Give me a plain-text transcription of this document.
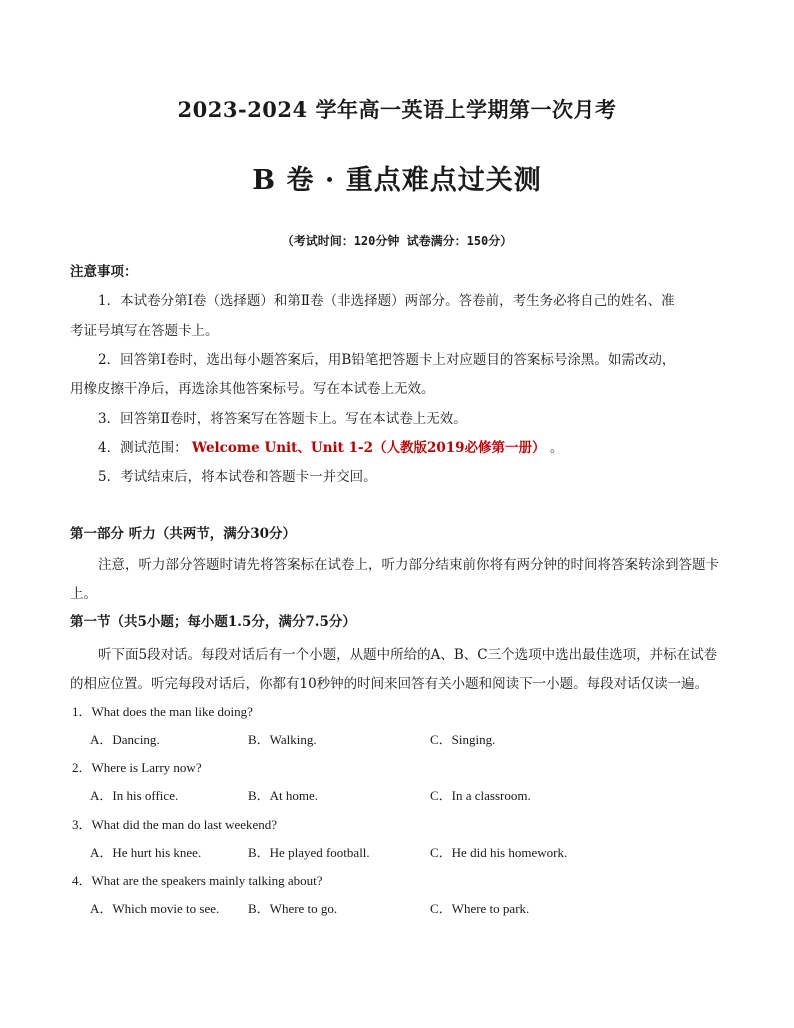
2023-2024 学年高一英语上学期第一次月考
B 卷 · 重点难点过关测
（考试时间：120分钟 试卷满分：150分）
注意事项：
1．本试卷分第Ⅰ卷（选择题）和第Ⅱ卷（非选择题）两部分。答卷前，考生务必将自己的姓名、准
考证号填写在答题卡上。
2．回答第Ⅰ卷时，选出每小题答案后，用B铅笔把答题卡上对应题目的答案标号涂黑。如需改动，
用橡皮擦干净后，再选涂其他答案标号。写在本试卷上无效。
3．回答第Ⅱ卷时，将答案写在答题卡上。写在本试卷上无效。
4．测试范围： Welcome Unit、Unit 1-2（人教版2019必修第一册） 。
5．考试结束后，将本试卷和答题卡一并交回。
第一部分 听力（共两节，满分30分）
注意，听力部分答题时请先将答案标在试卷上，听力部分结束前你将有两分钟的时间将答案转涂到答题卡
上。
第一节（共5小题；每小题1.5分，满分7.5分）
听下面5段对话。每段对话后有一个小题，从题中所给的A、B、C三个选项中选出最佳选项，并标在试卷
的相应位置。听完每段对话后，你都有10秒钟的时间来回答有关小题和阅读下一小题。每段对话仅读一遍。
1．What does the man like doing?
A．Dancing.	B．Walking.	C．Singing.
2．Where is Larry now?
A．In his office.	B．At home.	C．In a classroom.
3．What did the man do last weekend?
A．He hurt his knee.	B．He played football.	C．He did his homework.
4．What are the speakers mainly talking about?
A．Which movie to see. B．Where to go.	C．Where to park.
